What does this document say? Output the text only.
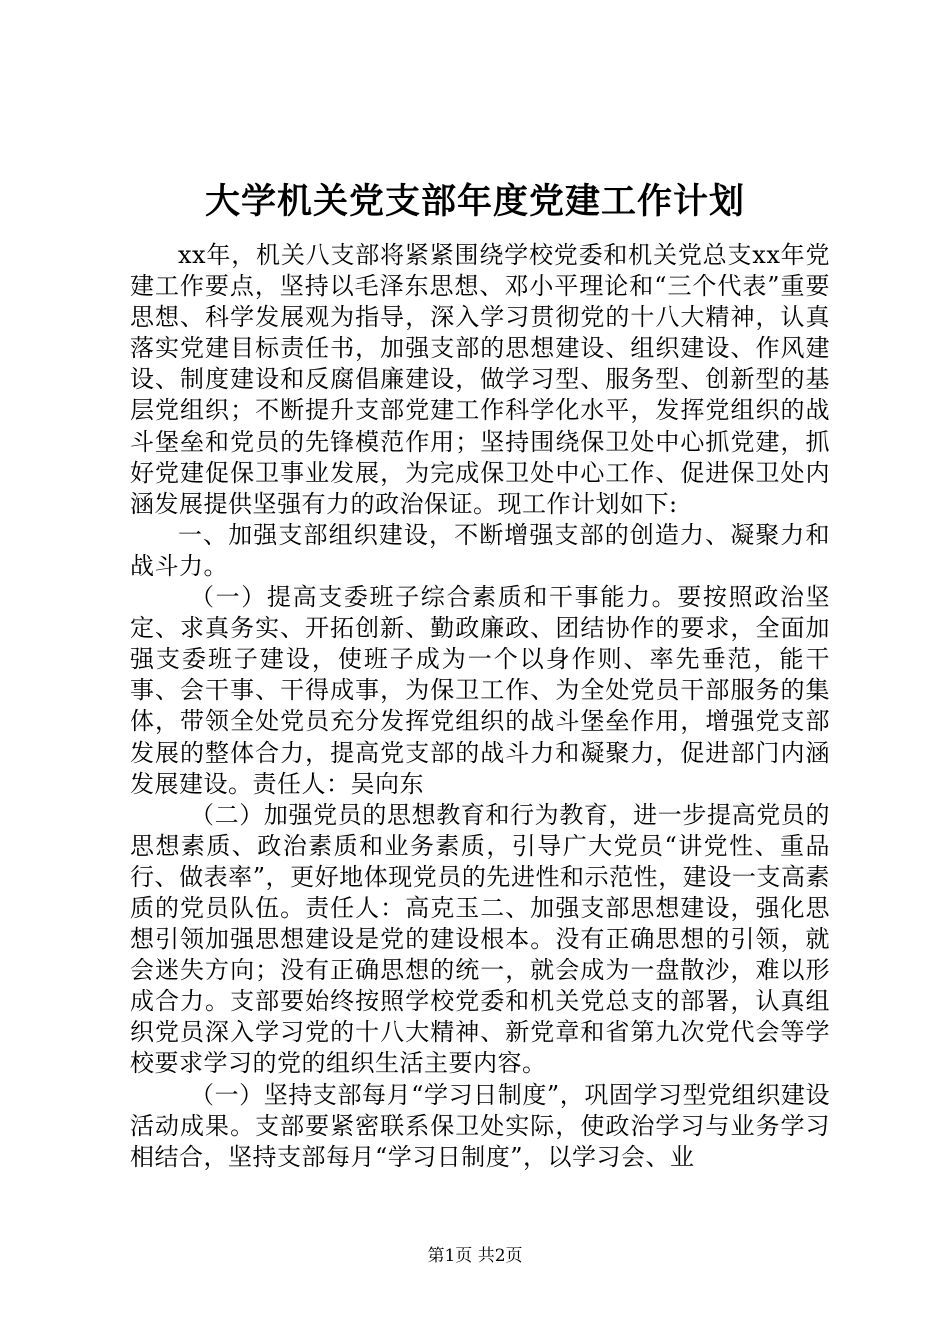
大学机关党支部年度党建工作计划

xx年，机关八支部将紧紧围绕学校党委和机关党总支xx年党建工作要点，坚持以毛泽东思想、邓小平理论和“三个代表”重要思想、科学发展观为指导，深入学习贯彻党的十八大精神，认真落实党建目标责任书，加强支部的思想建设、组织建设、作风建设、制度建设和反腐倡廉建设，做学习型、服务型、创新型的基层党组织；不断提升支部党建工作科学化水平，发挥党组织的战斗堡垒和党员的先锋模范作用；坚持围绕保卫处中心抓党建，抓好党建促保卫事业发展，为完成保卫处中心工作、促进保卫处内涵发展提供坚强有力的政治保证。现工作计划如下:

一、加强支部组织建设，不断增强支部的创造力、凝聚力和战斗力。

（一）提高支委班子综合素质和干事能力。要按照政治坚定、求真务实、开拓创新、勤政廉政、团结协作的要求，全面加强支委班子建设，使班子成为一个以身作则、率先垂范，能干事、会干事、干得成事，为保卫工作、为全处党员干部服务的集体，带领全处党员充分发挥党组织的战斗堡垒作用，增强党支部发展的整体合力，提高党支部的战斗力和凝聚力，促进部门内涵发展建设。责任人：吴向东

（二）加强党员的思想教育和行为教育，进一步提高党员的思想素质、政治素质和业务素质，引导广大党员“讲党性、重品行、做表率”，更好地体现党员的先进性和示范性，建设一支高素质的党员队伍。责任人：高克玉二、加强支部思想建设，强化思想引领加强思想建设是党的建设根本。没有正确思想的引领，就会迷失方向；没有正确思想的统一，就会成为一盘散沙，难以形成合力。支部要始终按照学校党委和机关党总支的部署，认真组织党员深入学习党的十八大精神、新党章和省第九次党代会等学校要求学习的党的组织生活主要内容。

（一）坚持支部每月“学习日制度”，巩固学习型党组织建设活动成果。支部要紧密联系保卫处实际，使政治学习与业务学习相结合，坚持支部每月“学习日制度”，以学习会、业

第1页 共2页
